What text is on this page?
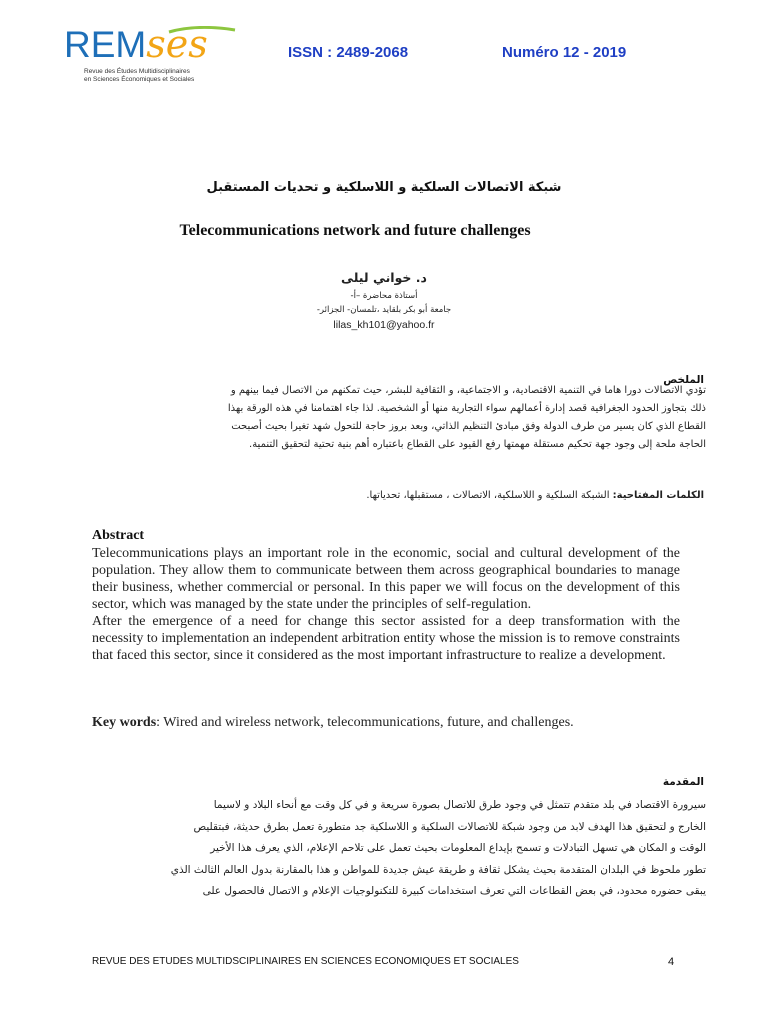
REMses
Revue des Études Multidisciplinaires
en Sciences Économiques et Sociales
ISSN : 2489-2068	Numéro 12 - 2019
شبكة الاتصالات السلكية و اللاسلكية و تحديات المستقبل
Telecommunications network and future challenges
د. خواني ليلى
أستاذة محاضرة –أ-
جامعة أبو بكر بلقايد ،تلمسان- الجزائر-
lilas_kh101@yahoo.fr
الملخص

تؤدي الاتصالات دورا هاما في التنمية الاقتصادية، و الاجتماعية، و الثقافية للبشر، حيث تمكنهم من الاتصال فيما بينهم و

ذلك بتجاوز الحدود الجغرافية قصد إدارة أعمالهم سواء التجارية منها أو الشخصية. لذا جاء اهتمامنا في هذه الورقة بهذا

القطاع الذي كان يسير من طرف الدولة وفق مبادئ التنظيم الذاتي، وبعد بروز حاجة للتحول شهد تغيرا بحيث أصبحت

الحاجة ملحة إلى وجود جهة تحكيم مستقلة مهمتها رفع القيود على القطاع باعتباره أهم بنية تحتية لتحقيق التنمية.

الكلمات المفتاحية: الشبكة السلكية و اللاسلكية، الاتصالات ، مستقبلها، تحدياتها.
Abstract

Telecommunications plays an important role in the economic, social and cultural development of the population. They allow them to communicate between them across geographical boundaries to manage their business, whether commercial or personal. In this paper we will focus on the development of this sector, which was managed by the state under the principles of self-regulation.

After the emergence of a need for change this sector assisted for a deep transformation with the necessity to implementation an independent arbitration entity whose the mission is to remove constraints that faced this sector, since it considered as the most important infrastructure to realize a development.

Key words: Wired and wireless network, telecommunications, future, and challenges.
المقدمة

سيرورة الاقتصاد في بلد متقدم تتمثل في وجود طرق للاتصال بصورة سريعة و في كل وقت مع أنحاء البلاد و لاسيما

الخارج و لتحقيق هذا الهدف لابد من وجود شبكة للاتصالات السلكية و اللاسلكية جد متطورة تعمل بطرق حديثة، فبتقليص

الوقت و المكان هي تسهل التبادلات و تسمح بإيداع المعلومات بحيث تعمل على تلاحم الإعلام، الذي يعرف هذا الأخير

تطور ملحوظ في البلدان المتقدمة بحيث يشكل ثقافة و طريقة عيش جديدة للمواطن و هذا بالمقارنة بدول العالم الثالث الذي

يبقى حضوره محدود، في بعض القطاعات التي تعرف استخدامات كبيرة للتكنولوجيات الإعلام و الاتصال فالحصول على

REVUE DES ETUDES MULTIDSCIPLINAIRES EN SCIENCES ECONOMIQUES ET SOCIALES	4
